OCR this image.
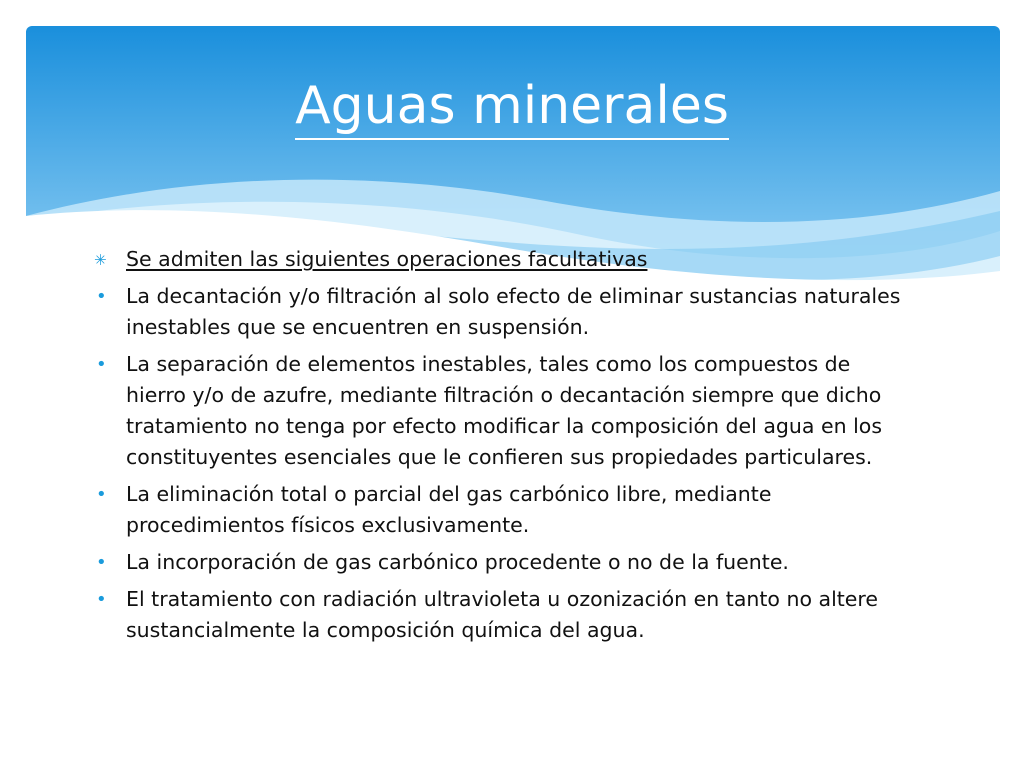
Aguas minerales
✳ Se admiten las siguientes operaciones facultativas
• La decantación y/o filtración al solo efecto de eliminar sustancias naturales inestables que se encuentren en suspensión.
• La separación de elementos inestables, tales como los compuestos de hierro y/o de azufre, mediante filtración o decantación siempre que dicho tratamiento no tenga por efecto modificar la composición del agua en los constituyentes esenciales que le confieren sus propiedades particulares.
• La eliminación total o parcial del gas carbónico libre, mediante procedimientos físicos exclusivamente.
• La incorporación de gas carbónico procedente o no de la fuente.
• El tratamiento con radiación ultravioleta u ozonización en tanto no altere sustancialmente la composición química del agua.
